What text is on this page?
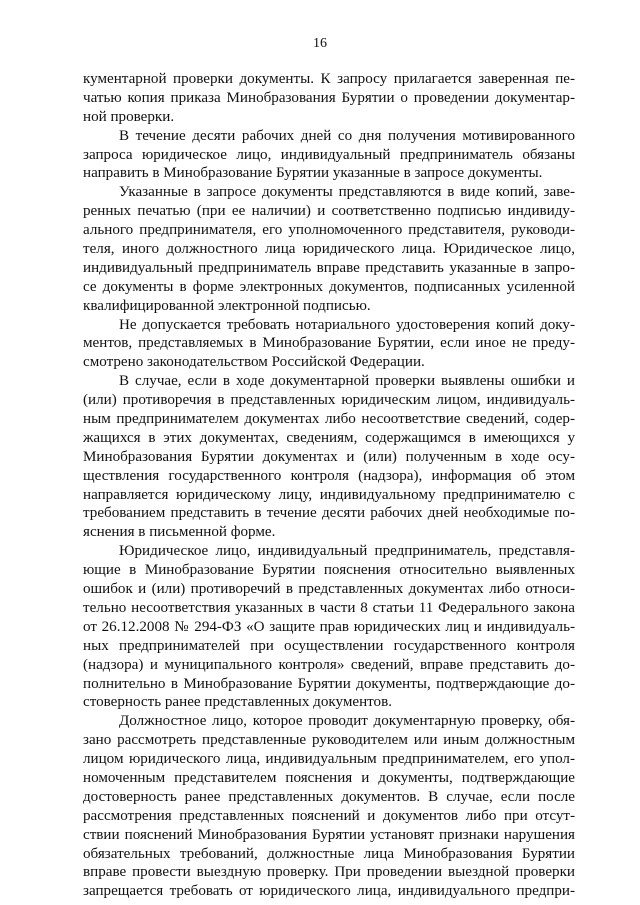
16
кументарной проверки документы. К запросу прилагается заверенная пе-
чатью копия приказа Минобразования Бурятии о проведении документар-
ной проверки.
В течение десяти рабочих дней со дня получения мотивированного
запроса юридическое лицо, индивидуальный предприниматель обязаны
направить в Минобразование Бурятии указанные в запросе документы.
Указанные в запросе документы представляются в виде копий, заве-
ренных печатью (при ее наличии) и соответственно подписью индивиду-
ального предпринимателя, его уполномоченного представителя, руководи-
теля, иного должностного лица юридического лица. Юридическое лицо,
индивидуальный предприниматель вправе представить указанные в запро-
се документы в форме электронных документов, подписанных усиленной
квалифицированной электронной подписью.
Не допускается требовать нотариального удостоверения копий доку-
ментов, представляемых в Минобразование Бурятии, если иное не преду-
смотрено законодательством Российской Федерации.
В случае, если в ходе документарной проверки выявлены ошибки и
(или) противоречия в представленных юридическим лицом, индивидуаль-
ным предпринимателем документах либо несоответствие сведений, содер-
жащихся в этих документах, сведениям, содержащимся в имеющихся у
Минобразования Бурятии документах и (или) полученным в ходе осу-
ществления государственного контроля (надзора), информация об этом
направляется юридическому лицу, индивидуальному предпринимателю с
требованием представить в течение десяти рабочих дней необходимые по-
яснения в письменной форме.
Юридическое лицо, индивидуальный предприниматель, представля-
ющие в Минобразование Бурятии пояснения относительно выявленных
ошибок и (или) противоречий в представленных документах либо относи-
тельно несоответствия указанных в части 8 статьи 11 Федерального закона
от 26.12.2008 № 294-ФЗ «О защите прав юридических лиц и индивидуаль-
ных предпринимателей при осуществлении государственного контроля
(надзора) и муниципального контроля» сведений, вправе представить до-
полнительно в Минобразование Бурятии документы, подтверждающие до-
стоверность ранее представленных документов.
Должностное лицо, которое проводит документарную проверку, обя-
зано рассмотреть представленные руководителем или иным должностным
лицом юридического лица, индивидуальным предпринимателем, его упол-
номоченным представителем пояснения и документы, подтверждающие
достоверность ранее представленных документов. В случае, если после
рассмотрения представленных пояснений и документов либо при отсут-
ствии пояснений Минобразования Бурятии установят признаки нарушения
обязательных требований, должностные лица Минобразования Бурятии
вправе провести выездную проверку. При проведении выездной проверки
запрещается требовать от юридического лица, индивидуального предпри-
